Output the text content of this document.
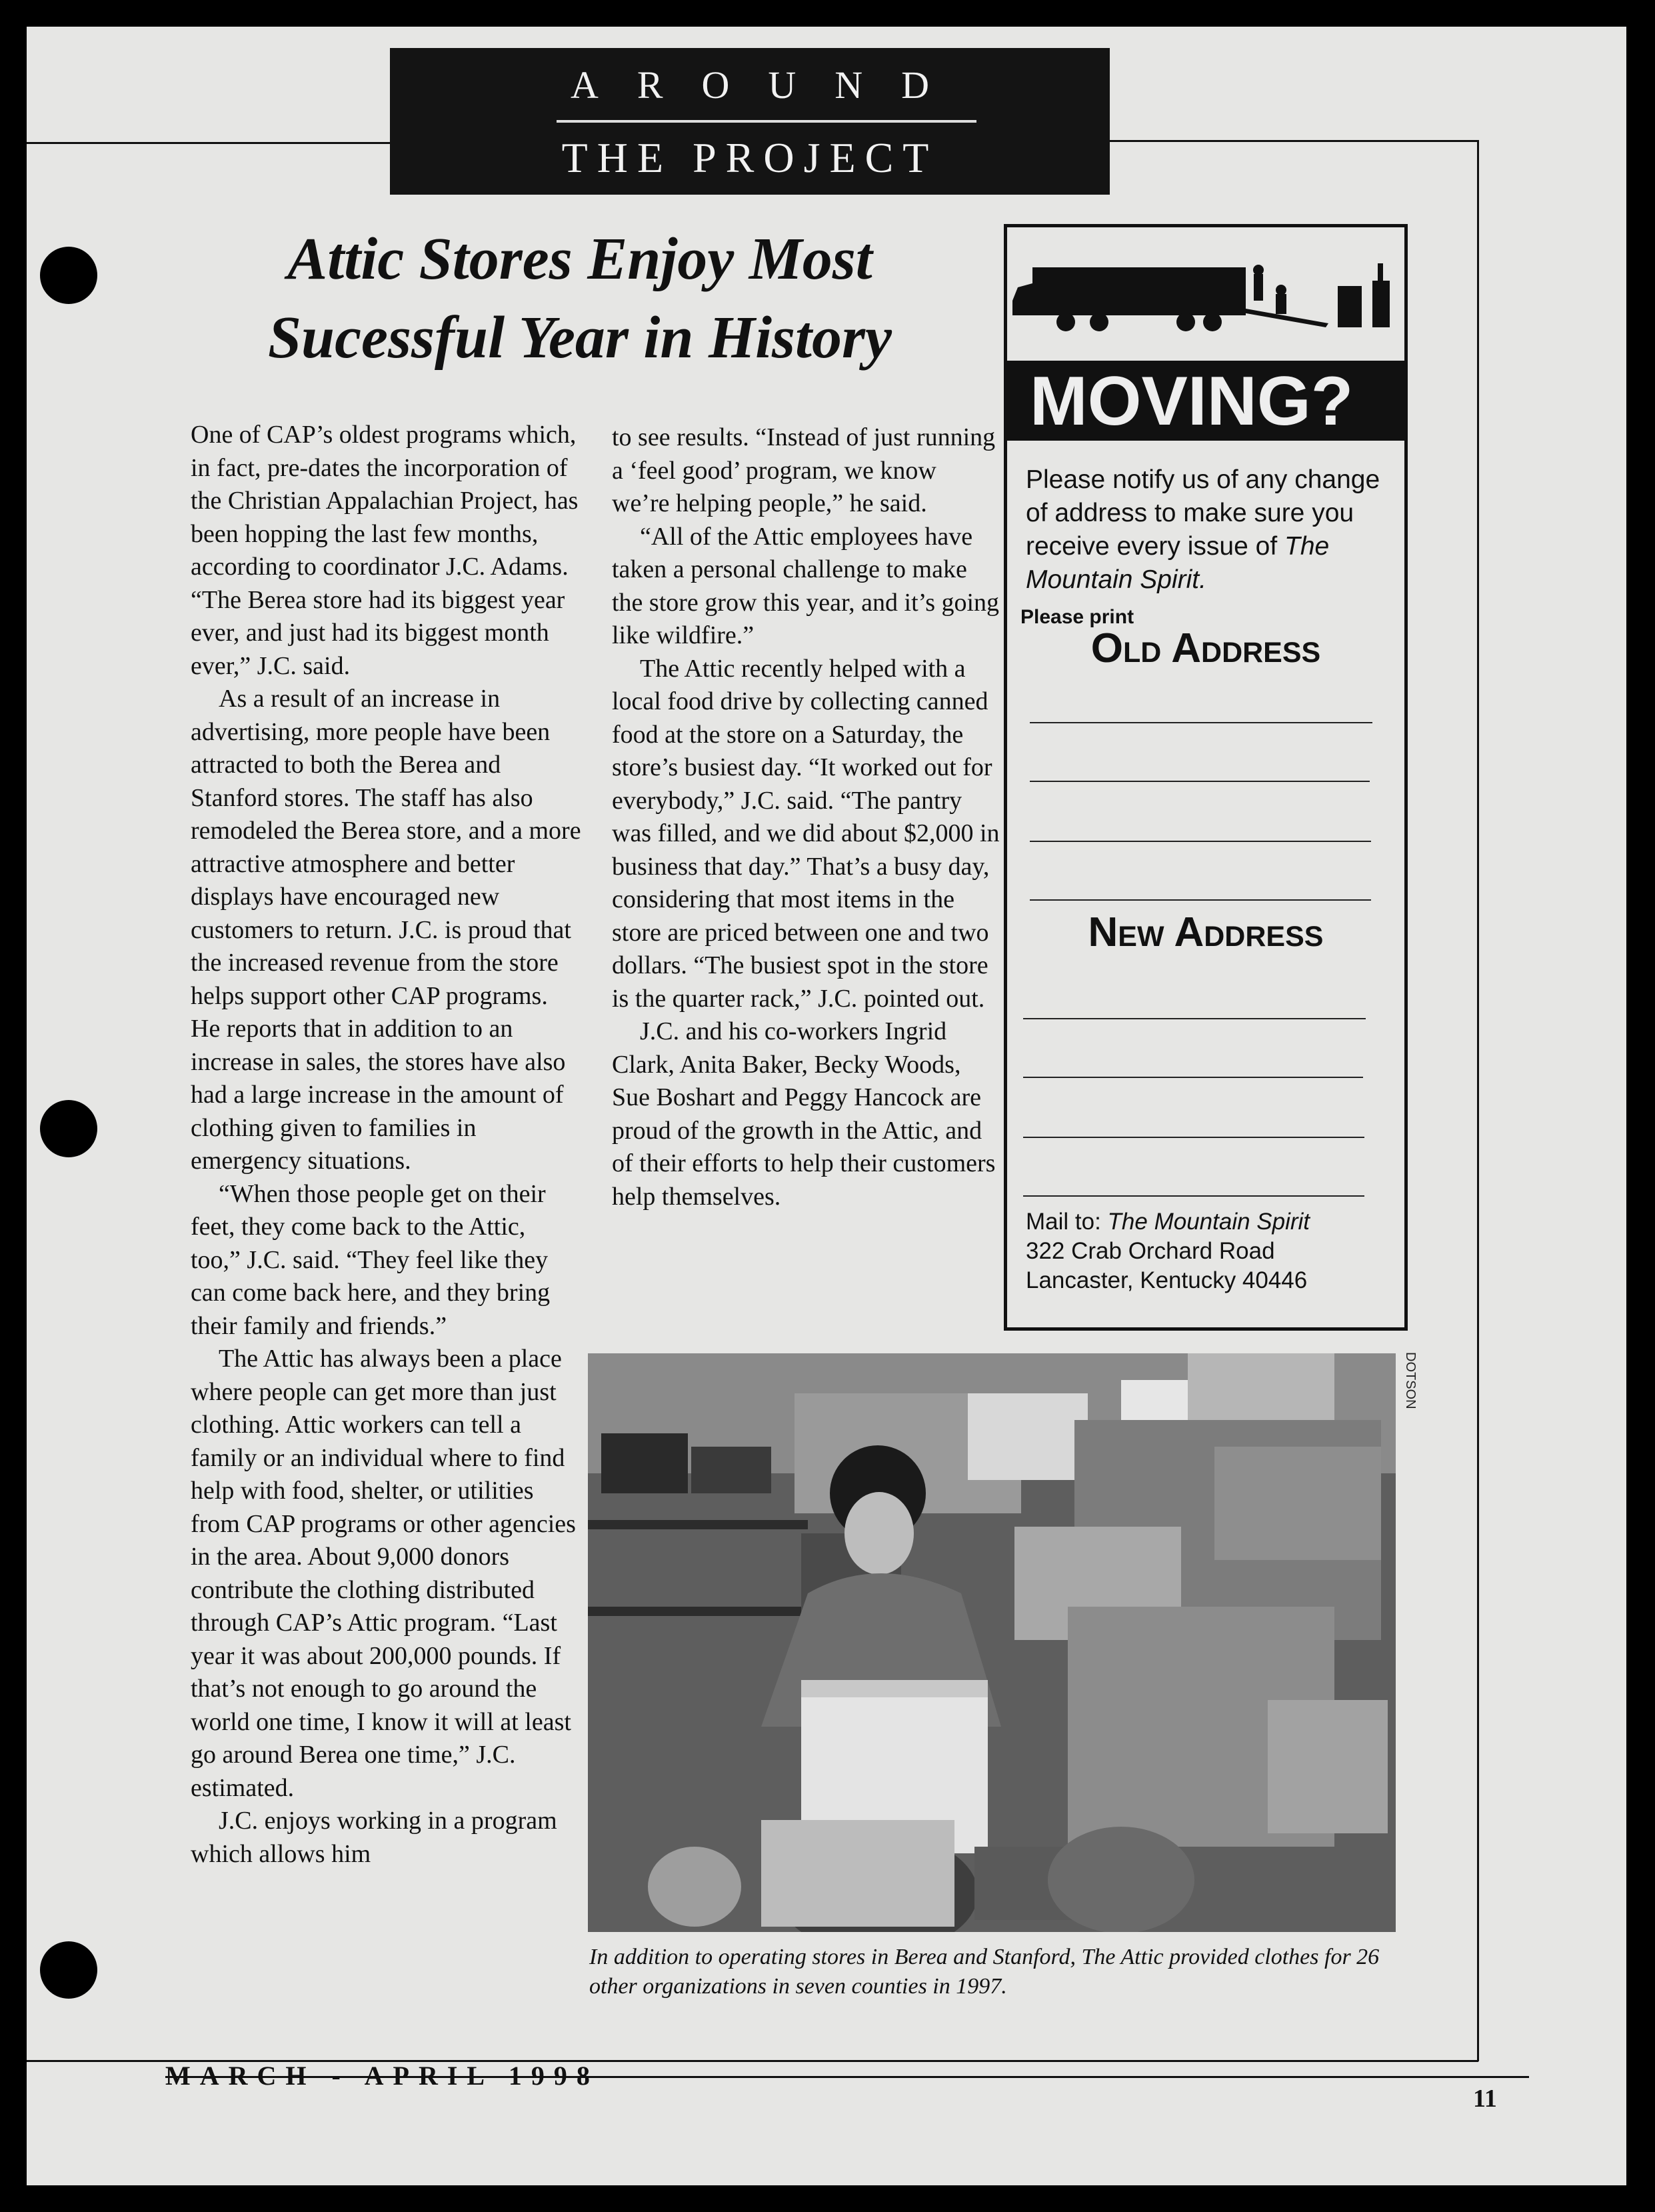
AROUND
THE PROJECT
Attic Stores Enjoy Most
Sucessful Year in History

One of CAP’s oldest programs which, in fact, pre-dates the incorporation of the Christian Appalachian Project, has been hopping the last few months, according to coordinator J.C. Adams. “The Berea store had its biggest year ever, and just had its biggest month ever,” J.C. said.

As a result of an increase in advertising, more people have been attracted to both the Berea and Stanford stores. The staff has also remodeled the Berea store, and a more attractive atmosphere and better displays have encouraged new customers to return. J.C. is proud that the increased revenue from the store helps support other CAP programs. He reports that in addition to an increase in sales, the stores have also had a large increase in the amount of clothing given to families in emergency situations.

“When those people get on their feet, they come back to the Attic, too,” J.C. said. “They feel like they can come back here, and they bring their family and friends.”

The Attic has always been a place where people can get more than just clothing. Attic workers can tell a family or an individual where to find help with food, shelter, or utilities from CAP programs or other agencies in the area. About 9,000 donors contribute the clothing distributed through CAP’s Attic program. “Last year it was about 200,000 pounds. If that’s not enough to go around the world one time, I know it will at least go around Berea one time,” J.C. estimated.

J.C. enjoys working in a program which allows him

to see results. “Instead of just running a ‘feel good’ program, we know we’re helping people,” he said.

“All of the Attic employees have taken a personal challenge to make the store grow this year, and it’s going like wildfire.”

The Attic recently helped with a local food drive by collecting canned food at the store on a Saturday, the store’s busiest day. “It worked out for everybody,” J.C. said. “The pantry was filled, and we did about $2,000 in business that day.” That’s a busy day, considering that most items in the store are priced between one and two dollars. “The busiest spot in the store is the quarter rack,” J.C. pointed out.

J.C. and his co-workers Ingrid Clark, Anita Baker, Becky Woods, Sue Boshart and Peggy Hancock are proud of the growth in the Attic, and of their efforts to help their customers help themselves.

MOVING?
Please notify us of any change of address to make sure you receive every issue of The Mountain Spirit.
Please print
Old Address
New Address
Mail to: The Mountain Spirit
322 Crab Orchard Road
Lancaster, Kentucky 40446
DOTSON
In addition to operating stores in Berea and Stanford, The Attic provided clothes for 26 other organizations in seven counties in 1997.
MARCH - APRIL 1998
11
